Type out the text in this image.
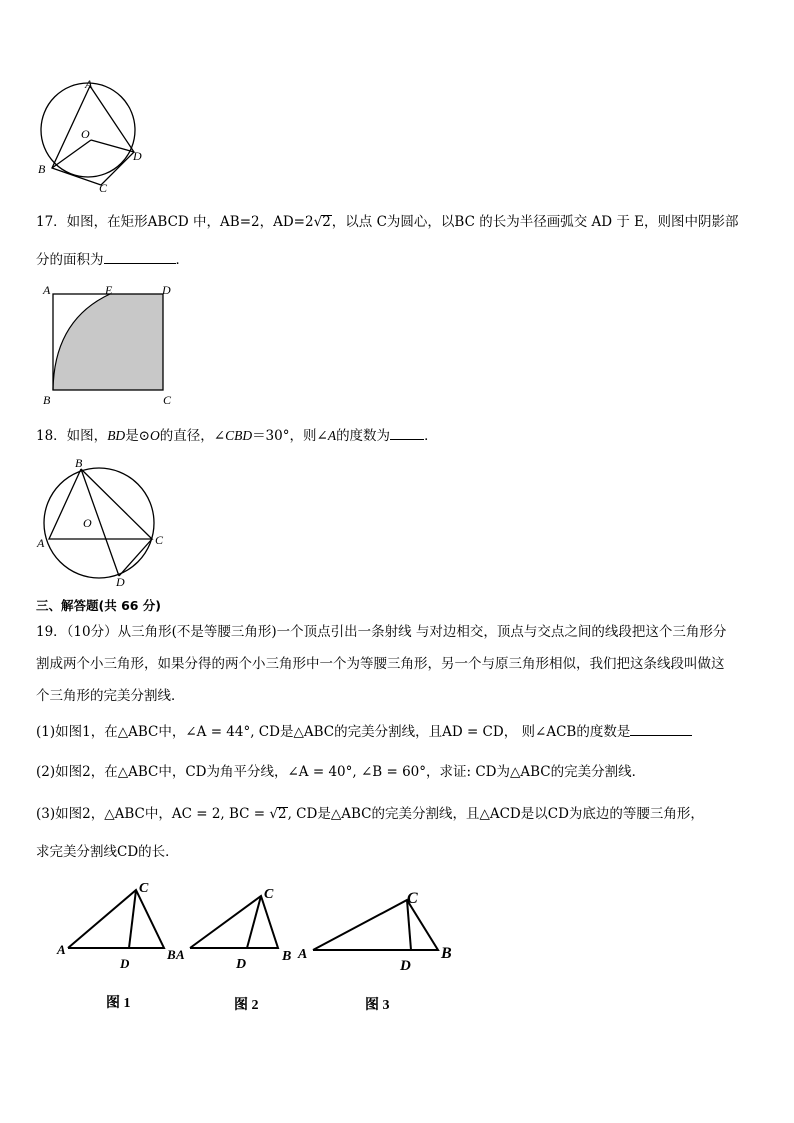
A
O
B
C
D
17．如图，在矩形ABCD 中，AB=2，AD=2√2，以点 C为圆心，以BC 的长为半径画弧交 AD 于 E，则图中阴影部
分的面积为	．
A	E	D
B	C
18．如图，BD是⊙O的直径，∠CBD＝30°，则∠A的度数为	．
B
O
A	C
D
三、解答题(共 66 分)
19．（10分）从三角形(不是等腰三角形)一个顶点引出一条射线 与对边相交，顶点与交点之间的线段把这个三角形分
割成两个小三角形，如果分得的两个小三角形中一个为等腰三角形，另一个与原三角形相似，我们把这条线段叫做这
个三角形的完美分割线．
(1)如图1，在△ABC中，∠A = 44°, CD是△ABC的完美分割线，且AD = CD， 则∠ACB的度数是
(2)如图2，在△ABC中，CD为角平分线，∠A = 40°, ∠B = 60°，求证: CD为△ABC的完美分割线．
(3)如图2，△ABC中，AC = 2, BC = √2, CD是△ABC的完美分割线，且△ACD是以CD为底边的等腰三角形，
求完美分割线CD的长．
A
C
B
D
A
C
B
D
A
C
B
D
图 1	图 2	图 3
